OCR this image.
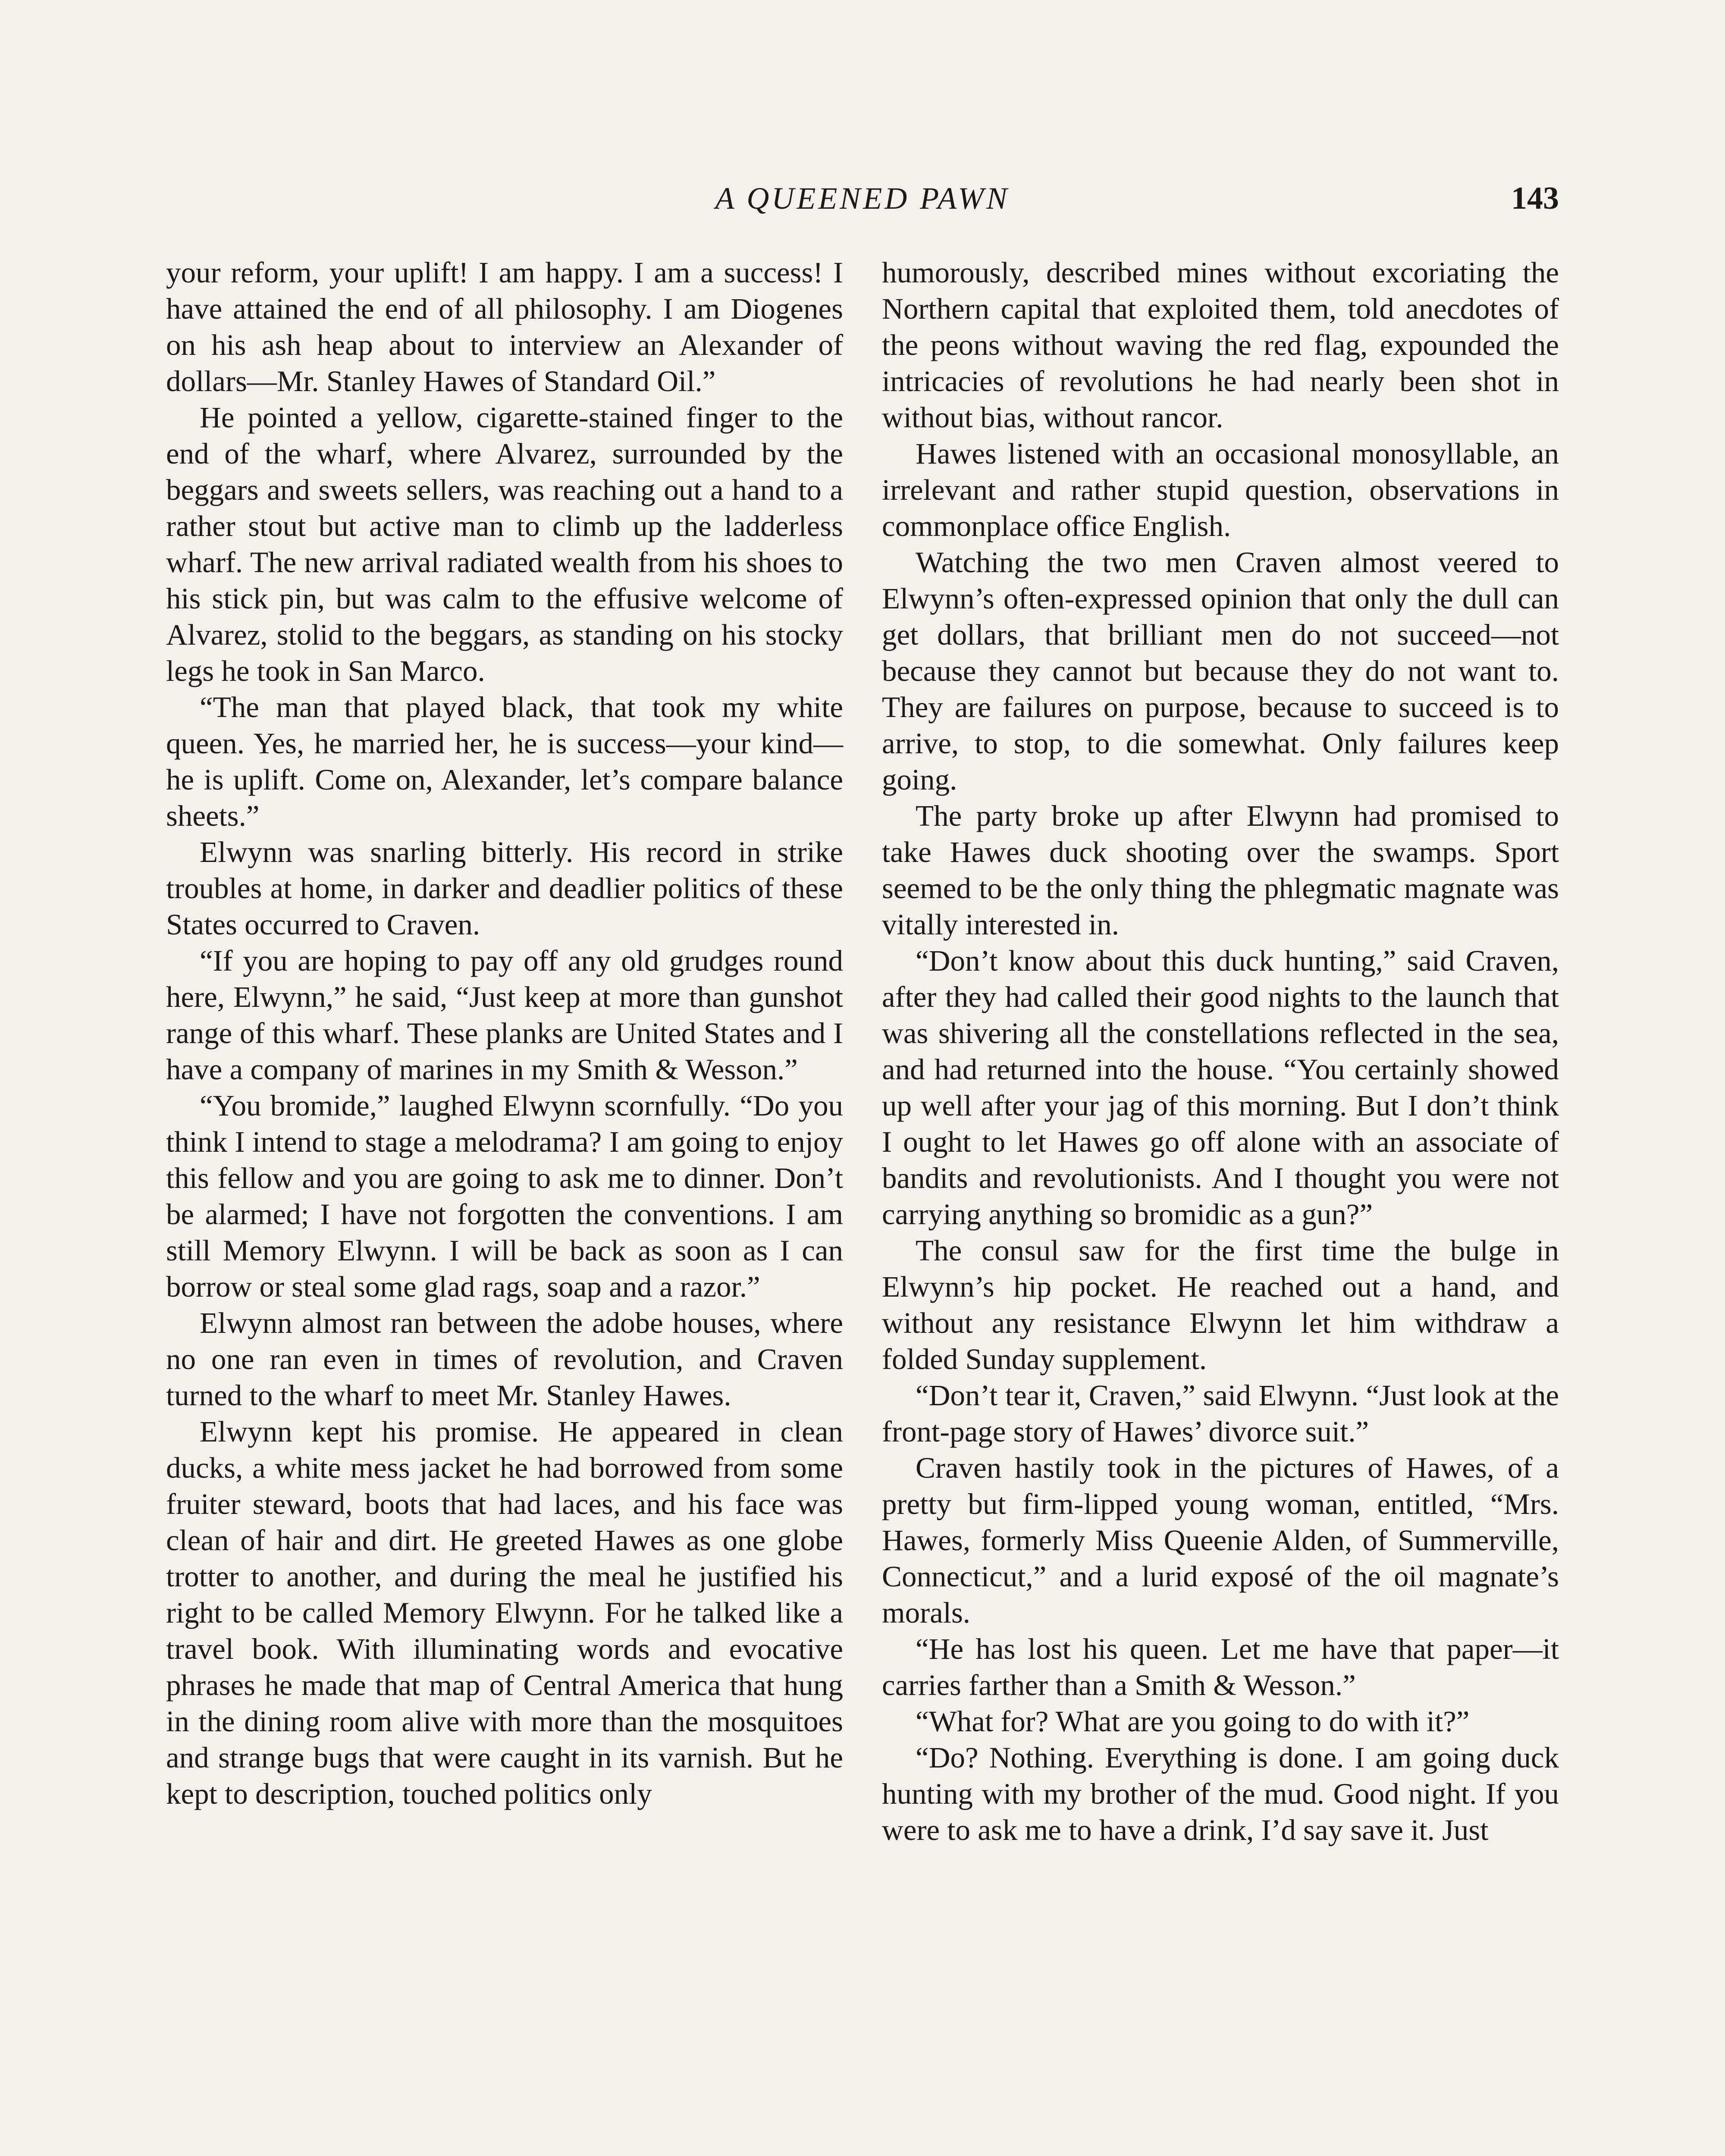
A QUEENED PAWN	143

your reform, your uplift! I am happy. I am a success! I have attained the end of all philosophy. I am Diogenes on his ash heap about to interview an Alexander of dollars—Mr. Stanley Hawes of Standard Oil.”

He pointed a yellow, cigarette-stained finger to the end of the wharf, where Alvarez, surrounded by the beggars and sweets sellers, was reaching out a hand to a rather stout but active man to climb up the ladderless wharf. The new arrival radiated wealth from his shoes to his stick pin, but was calm to the effusive welcome of Alvarez, stolid to the beggars, as standing on his stocky legs he took in San Marco.

“The man that played black, that took my white queen. Yes, he married her, he is success—your kind—he is uplift. Come on, Alexander, let’s compare balance sheets.”

Elwynn was snarling bitterly. His record in strike troubles at home, in darker and deadlier politics of these States occurred to Craven.

“If you are hoping to pay off any old grudges round here, Elwynn,” he said, “Just keep at more than gunshot range of this wharf. These planks are United States and I have a company of marines in my Smith & Wesson.”

“You bromide,” laughed Elwynn scornfully. “Do you think I intend to stage a melodrama? I am going to enjoy this fellow and you are going to ask me to dinner. Don’t be alarmed; I have not forgotten the conventions. I am still Memory Elwynn. I will be back as soon as I can borrow or steal some glad rags, soap and a razor.”

Elwynn almost ran between the adobe houses, where no one ran even in times of revolution, and Craven turned to the wharf to meet Mr. Stanley Hawes.

Elwynn kept his promise. He appeared in clean ducks, a white mess jacket he had borrowed from some fruiter steward, boots that had laces, and his face was clean of hair and dirt. He greeted Hawes as one globe trotter to another, and during the meal he justified his right to be called Memory Elwynn. For he talked like a travel book. With illuminating words and evocative phrases he made that map of Central America that hung in the dining room alive with more than the mosquitoes and strange bugs that were caught in its varnish. But he kept to description, touched politics only

humorously, described mines without excoriating the Northern capital that exploited them, told anecdotes of the peons without waving the red flag, expounded the intricacies of revolutions he had nearly been shot in without bias, without rancor.

Hawes listened with an occasional monosyllable, an irrelevant and rather stupid question, observations in commonplace office English.

Watching the two men Craven almost veered to Elwynn’s often-expressed opinion that only the dull can get dollars, that brilliant men do not succeed—not because they cannot but because they do not want to. They are failures on purpose, because to succeed is to arrive, to stop, to die somewhat. Only failures keep going.

The party broke up after Elwynn had promised to take Hawes duck shooting over the swamps. Sport seemed to be the only thing the phlegmatic magnate was vitally interested in.

“Don’t know about this duck hunting,” said Craven, after they had called their good nights to the launch that was shivering all the constellations reflected in the sea, and had returned into the house. “You certainly showed up well after your jag of this morning. But I don’t think I ought to let Hawes go off alone with an associate of bandits and revolutionists. And I thought you were not carrying anything so bromidic as a gun?”

The consul saw for the first time the bulge in Elwynn’s hip pocket. He reached out a hand, and without any resistance Elwynn let him withdraw a folded Sunday supplement.

“Don’t tear it, Craven,” said Elwynn. “Just look at the front-page story of Hawes’ divorce suit.”

Craven hastily took in the pictures of Hawes, of a pretty but firm-lipped young woman, entitled, “Mrs. Hawes, formerly Miss Queenie Alden, of Summerville, Connecticut,” and a lurid exposé of the oil magnate’s morals.

“He has lost his queen. Let me have that paper—it carries farther than a Smith & Wesson.”

“What for? What are you going to do with it?”

“Do? Nothing. Everything is done. I am going duck hunting with my brother of the mud. Good night. If you were to ask me to have a drink, I’d say save it. Just
